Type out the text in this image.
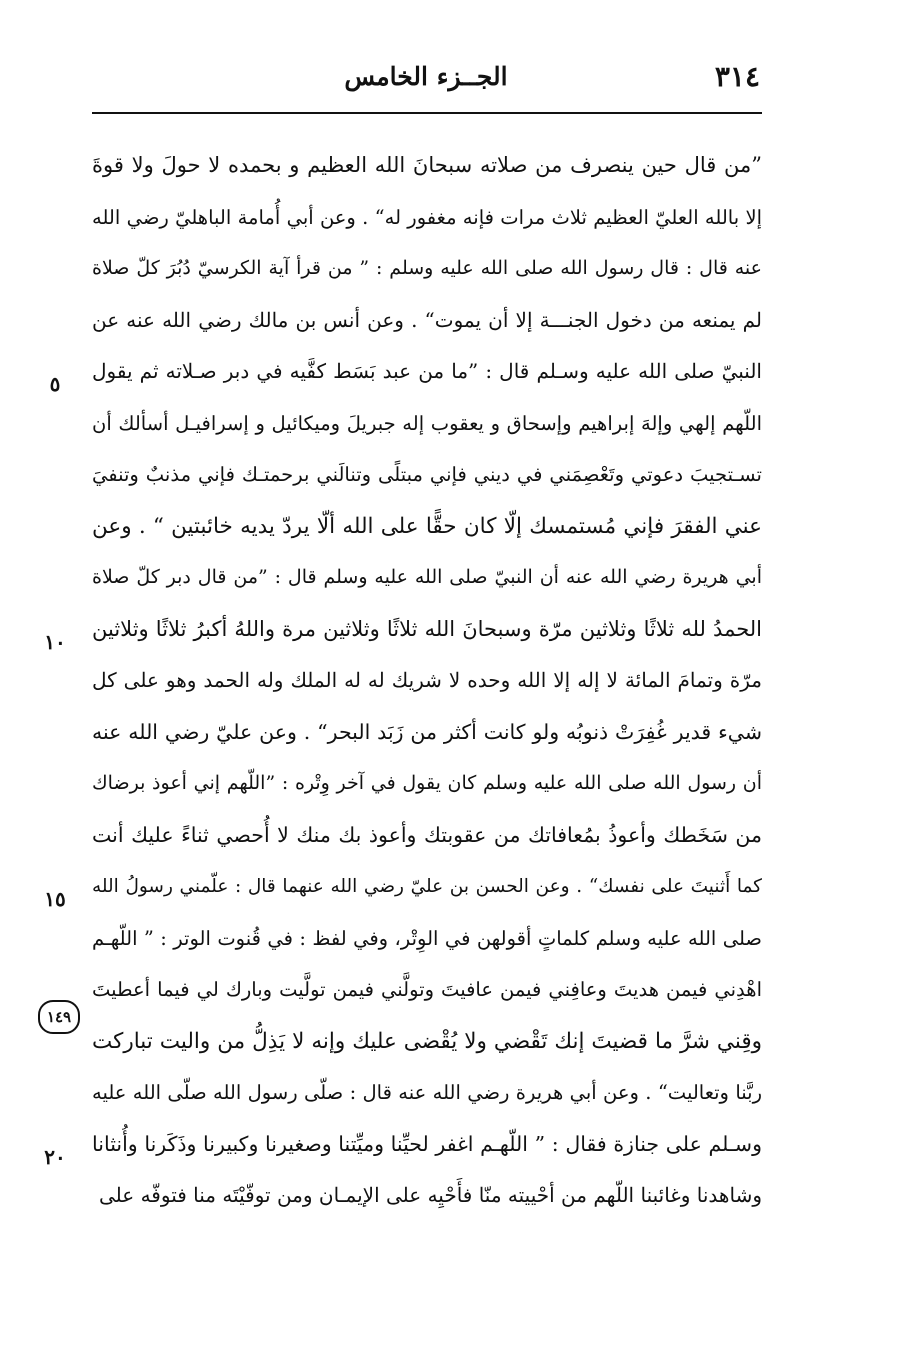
٣١٤
الجــزء الخامس
”من قال حين ينصرف من صلاته سبحانَ الله العظيم و بحمده لا حولَ ولا قوةَ
إلا بالله العليّ العظيم ثلاث مرات فإنه مغفور له“ . وعن أبي أُمامة الباهليّ رضي الله
عنه قال : قال رسول الله صلى الله عليه وسلم : ” من قرأ آية الكرسيّ دُبُرَ كلّ صلاة
لم يمنعه من دخول الجنـــة إلا أن يموت“ . وعن أنس بن مالك رضي الله عنه عن
النبيّ صلى الله عليه وسـلم قال : ”ما من عبد بَسَط كفَّيه في دبر صـلاته ثم يقول
اللّهم إلهي وإلهَ إبراهيم وإسحاق و يعقوب إله جبريلَ وميكائيل و إسرافيـل أسألك أن
تسـتجيبَ دعوتي وتَعْصِمَني في ديني فإني مبتلًى وتنالَني برحمتـك فإني مذنبٌ وتنفيَ
عني الفقرَ فإني مُستمسك إلّا كان حقًّا على الله ألّا يردّ يديه خائبتين “ . وعن
أبي هريرة رضي الله عنه أن النبيّ صلى الله عليه وسلم قال : ”من قال دبر كلّ صلاة
الحمدُ لله ثلاثًا وثلاثين مرّة وسبحانَ الله ثلاثًا وثلاثين مرة واللهُ أكبرُ ثلاثًا وثلاثين
مرّة وتمامَ المائة لا إله إلا الله وحده لا شريك له له الملك وله الحمد وهو على كل
شيء قدير غُفِرَتْ ذنوبُه ولو كانت أكثر من زَبَد البحر“ . وعن عليّ رضي الله عنه
أن رسول الله صلى الله عليه وسلم كان يقول في آخر وِتْره : ”اللّهم إني أعوذ برضاك
من سَخَطك وأعوذُ بمُعافاتك من عقوبتك وأعوذ بك منك لا أُحصي ثناءً عليك أنت
كما أَثنيتَ على نفسك“ . وعن الحسن بن عليّ رضي الله عنهما قال : علّمني رسولُ الله
صلى الله عليه وسلم كلماتٍ أقولهن في الوِتْر، وفي لفظ : في قُنوت الوتر : ” اللّهـم
اهْدِني فيمن هديتَ وعافِني فيمن عافيتَ وتولَّني فيمن تولَّيت وبارك لي فيما أعطيتَ
وقِني شرَّ ما قضيتَ إنك تَقْضي ولا يُقْضى عليك وإنه لا يَذِلُّ من واليت تباركت
ربَّنا وتعاليت“ . وعن أبي هريرة رضي الله عنه قال : صلّى رسول الله صلّى الله عليه
وسـلم على جنازة فقال : ” اللّهـم اغفر لحيِّنا وميِّتنا وصغيرنا وكبيرنا وذَكَرنا وأُنثانا
وشاهدنا وغائبنا اللّهم من أحْييته منّا فأَحْيِه على الإيمـان ومن توفّيْتَه منا فتوفّه على
٥
١٠
١٥
١٤٩
٢٠
